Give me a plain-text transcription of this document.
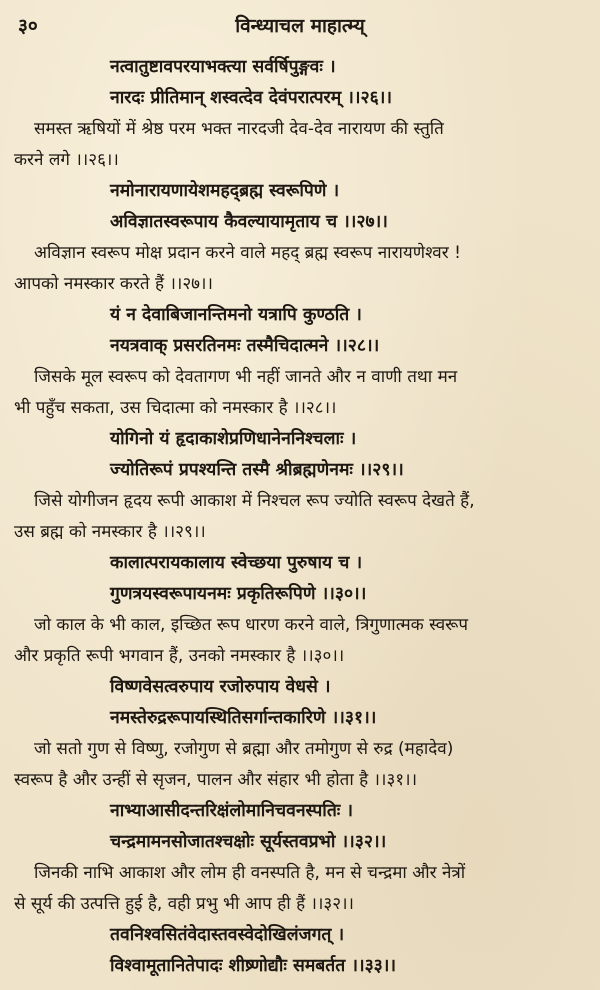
३०	विन्ध्याचल माहात्म्य्

नत्वातुष्टावपरयाभक्त्या सर्वर्षिपुङ्गवः ।

नारदः प्रीतिमान् शस्वत्देव देवंपरात्परम् ।।२६।।

समस्त ऋषियों में श्रेष्ठ परम भक्त नारदजी देव-देव नारायण की स्तुति
करने लगे ।।२६।।

नमोनारायणायेशमहद्ब्रह्म स्वरूपिणे ।

अविज्ञातस्वरूपाय कैवल्यायामृताय च ।।२७।।

अविज्ञान स्वरूप मोक्ष प्रदान करने वाले महद् ब्रह्म स्वरूप नारायणेश्वर !
आपको नमस्कार करते हैं ।।२७।।

यं न देवाबिजानन्तिमनो यत्रापि कुण्ठति ।

नयत्रवाक् प्रसरतिनमः तस्मैचिदात्मने ।।२८।।

जिसके मूल स्वरूप को देवतागण भी नहीं जानते और न वाणी तथा मन
भी पहुँच सकता, उस चिदात्मा को नमस्कार है ।।२८।।

योगिनो यं हृदाकाशेप्रणिधानेननिश्चलाः ।

ज्योतिरूपं प्रपश्यन्ति तस्मै श्रीब्रह्मणेनमः ।।२९।।

जिसे योगीजन हृदय रूपी आकाश में निश्चल रूप ज्योति स्वरूप देखते हैं,
उस ब्रह्म को नमस्कार है ।।२९।।

कालात्परायकालाय स्वेच्छया पुरुषाय च ।

गुणत्रयस्वरूपायनमः प्रकृतिरूपिणे ।।३०।।

जो काल के भी काल, इच्छित रूप धारण करने वाले, त्रिगुणात्मक स्वरूप
और प्रकृति रूपी भगवान हैं, उनको नमस्कार है ।।३०।।

विष्णवेसत्वरुपाय रजोरुपाय वेधसे ।

नमस्तेरुद्ररूपायस्थितिसर्गान्तकारिणे ।।३१।।

जो सतो गुण से विष्णु, रजोगुण से ब्रह्मा और तमोगुण से रुद्र (महादेव)
स्वरूप है और उन्हीं से सृजन, पालन और संहार भी होता है ।।३१।।

नाभ्याआसीदन्तरिक्षंलोमानिचवनस्पतिः ।

चन्द्रमामनसोजातश्चक्षोः सूर्यस्तवप्रभो ।।३२।।

जिनकी नाभि आकाश और लोम ही वनस्पति है, मन से चन्द्रमा और नेत्रों
से सूर्य की उत्पत्ति हुई है, वही प्रभु भी आप ही हैं ।।३२।।

तवनिश्वसितंवेदास्तवस्वेदोखिलंजगत् ।

विश्वामूतानितेपादः शीष्र्णोद्यौः समबर्तत ।।३३।।
